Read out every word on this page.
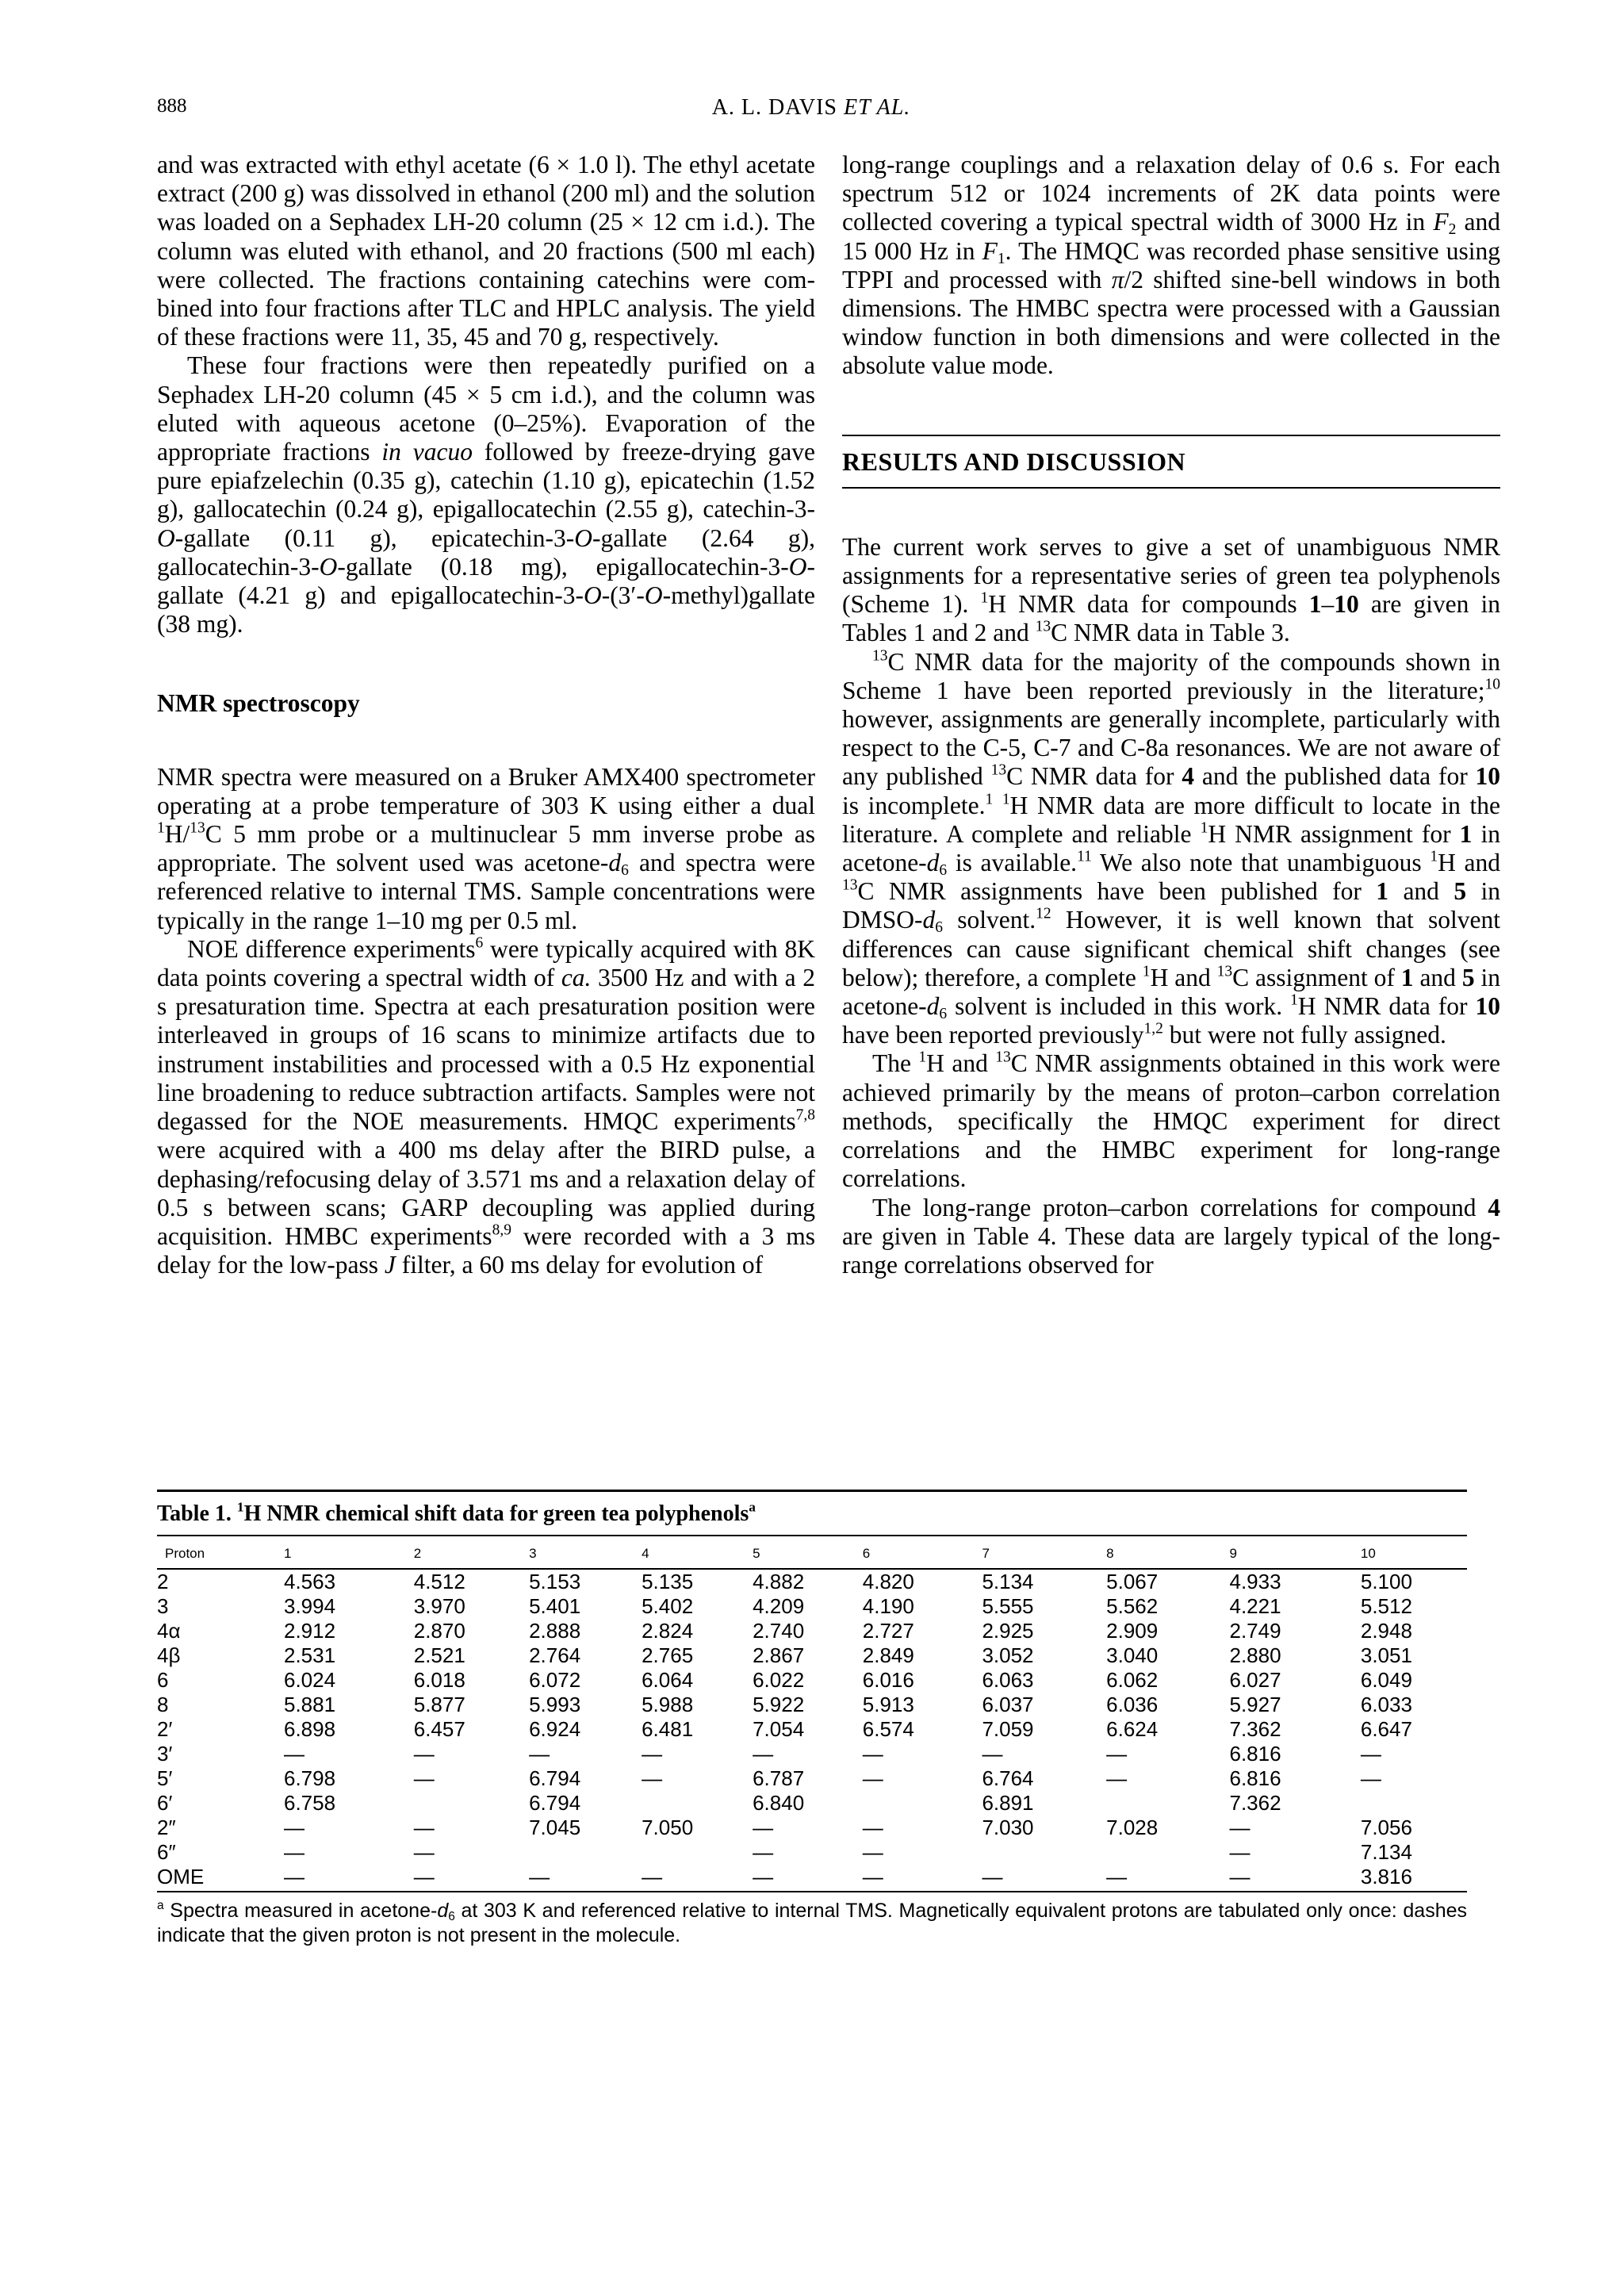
888	A. L. DAVIS ET AL.

and was extracted with ethyl acetate (6 × 1.0 l). The ethyl acetate extract (200 g) was dissolved in ethanol (200 ml) and the solution was loaded on a Sephadex LH-20 column (25 × 12 cm i.d.). The column was eluted with ethanol, and 20 fractions (500 ml each) were collected. The fractions containing catechins were combined into four fractions after TLC and HPLC analysis. The yield of these fractions were 11, 35, 45 and 70 g, respectively.

These four fractions were then repeatedly purified on a Sephadex LH-20 column (45 × 5 cm i.d.), and the column was eluted with aqueous acetone (0–25%). Evaporation of the appropriate fractions in vacuo followed by freeze-drying gave pure epiafzelechin (0.35 g), catechin (1.10 g), epicatechin (1.52 g), gallocatechin (0.24 g), epigallocatechin (2.55 g), catechin-3-O-gallate (0.11 g), epicatechin-3-O-gallate (2.64 g), gallocatechin-3-O-gallate (0.18 mg), epigallocatechin-3-O-gallate (4.21 g) and epigallocatechin-3-O-(3′-O-methyl)gallate (38 mg).

NMR spectroscopy

NMR spectra were measured on a Bruker AMX400 spectrometer operating at a probe temperature of 303 K using either a dual $^1$H/$^{13}$C 5 mm probe or a multinuclear 5 mm inverse probe as appropriate. The solvent used was acetone-$d_6$ and spectra were referenced relative to internal TMS. Sample concentrations were typically in the range 1–10 mg per 0.5 ml.

NOE difference experiments$^6$ were typically acquired with 8K data points covering a spectral width of ca. 3500 Hz and with a 2 s presaturation time. Spectra at each presaturation position were interleaved in groups of 16 scans to minimize artifacts due to instrument instabilities and processed with a 0.5 Hz exponential line broadening to reduce subtraction artifacts. Samples were not degassed for the NOE measurements. HMQC experiments$^{7,8}$ were acquired with a 400 ms delay after the BIRD pulse, a dephasing/refocusing delay of 3.571 ms and a relaxation delay of 0.5 s between scans; GARP decoupling was applied during acquisition. HMBC experiments$^{8,9}$ were recorded with a 3 ms delay for the low-pass J filter, a 60 ms delay for evolution of

long-range couplings and a relaxation delay of 0.6 s. For each spectrum 512 or 1024 increments of 2K data points were collected covering a typical spectral width of 3000 Hz in $F_2$ and 15 000 Hz in $F_1$. The HMQC was recorded phase sensitive using TPPI and processed with π/2 shifted sine-bell windows in both dimensions. The HMBC spectra were processed with a Gaussian window function in both dimensions and were collected in the absolute value mode.

RESULTS AND DISCUSSION

The current work serves to give a set of unambiguous NMR assignments for a representative series of green tea polyphenols (Scheme 1). $^1$H NMR data for compounds 1–10 are given in Tables 1 and 2 and $^{13}$C NMR data in Table 3.

$^{13}$C NMR data for the majority of the compounds shown in Scheme 1 have been reported previously in the literature;$^{10}$ however, assignments are generally incomplete, particularly with respect to the C-5, C-7 and C-8a resonances. We are not aware of any published $^{13}$C NMR data for 4 and the published data for 10 is incomplete.$^1$ $^1$H NMR data are more difficult to locate in the literature. A complete and reliable $^1$H NMR assignment for 1 in acetone-$d_6$ is available.$^{11}$ We also note that unambiguous $^1$H and $^{13}$C NMR assignments have been published for 1 and 5 in DMSO-$d_6$ solvent.$^{12}$ However, it is well known that solvent differences can cause significant chemical shift changes (see below); therefore, a complete $^1$H and $^{13}$C assignment of 1 and 5 in acetone-$d_6$ solvent is included in this work. $^1$H NMR data for 10 have been reported previously$^{1,2}$ but were not fully assigned.

The $^1$H and $^{13}$C NMR assignments obtained in this work were achieved primarily by the means of proton–carbon correlation methods, specifically the HMQC experiment for direct correlations and the HMBC experiment for long-range correlations.

The long-range proton–carbon correlations for compound 4 are given in Table 4. These data are largely typical of the long-range correlations observed for

Table 1. $^1$H NMR chemical shift data for green tea polyphenols$^a$
Proton	1	2	3	4	5	6	7	8	9	10
2	4.563	4.512	5.153	5.135	4.882	4.820	5.134	5.067	4.933	5.100
3	3.994	3.970	5.401	5.402	4.209	4.190	5.555	5.562	4.221	5.512
4α	2.912	2.870	2.888	2.824	2.740	2.727	2.925	2.909	2.749	2.948
4β	2.531	2.521	2.764	2.765	2.867	2.849	3.052	3.040	2.880	3.051
6	6.024	6.018	6.072	6.064	6.022	6.016	6.063	6.062	6.027	6.049
8	5.881	5.877	5.993	5.988	5.922	5.913	6.037	6.036	5.927	6.033
2′	6.898	6.457	6.924	6.481	7.054	6.574	7.059	6.624	7.362	6.647
3′	—	—	—	—	—	—	—	—	6.816	—
5′	6.798	—	6.794	—	6.787	—	6.764	—	6.816	—
6′	6.758		6.794		6.840		6.891		7.362	
2″	—	—	7.045	7.050	—	—	7.030	7.028	—	7.056
6″	—	—			—	—			—	7.134
OME	—	—	—	—	—	—	—	—	—	3.816
$^a$ Spectra measured in acetone-$d_6$ at 303 K and referenced relative to internal TMS. Magnetically equivalent protons are tabulated only once: dashes indicate that the given proton is not present in the molecule.
